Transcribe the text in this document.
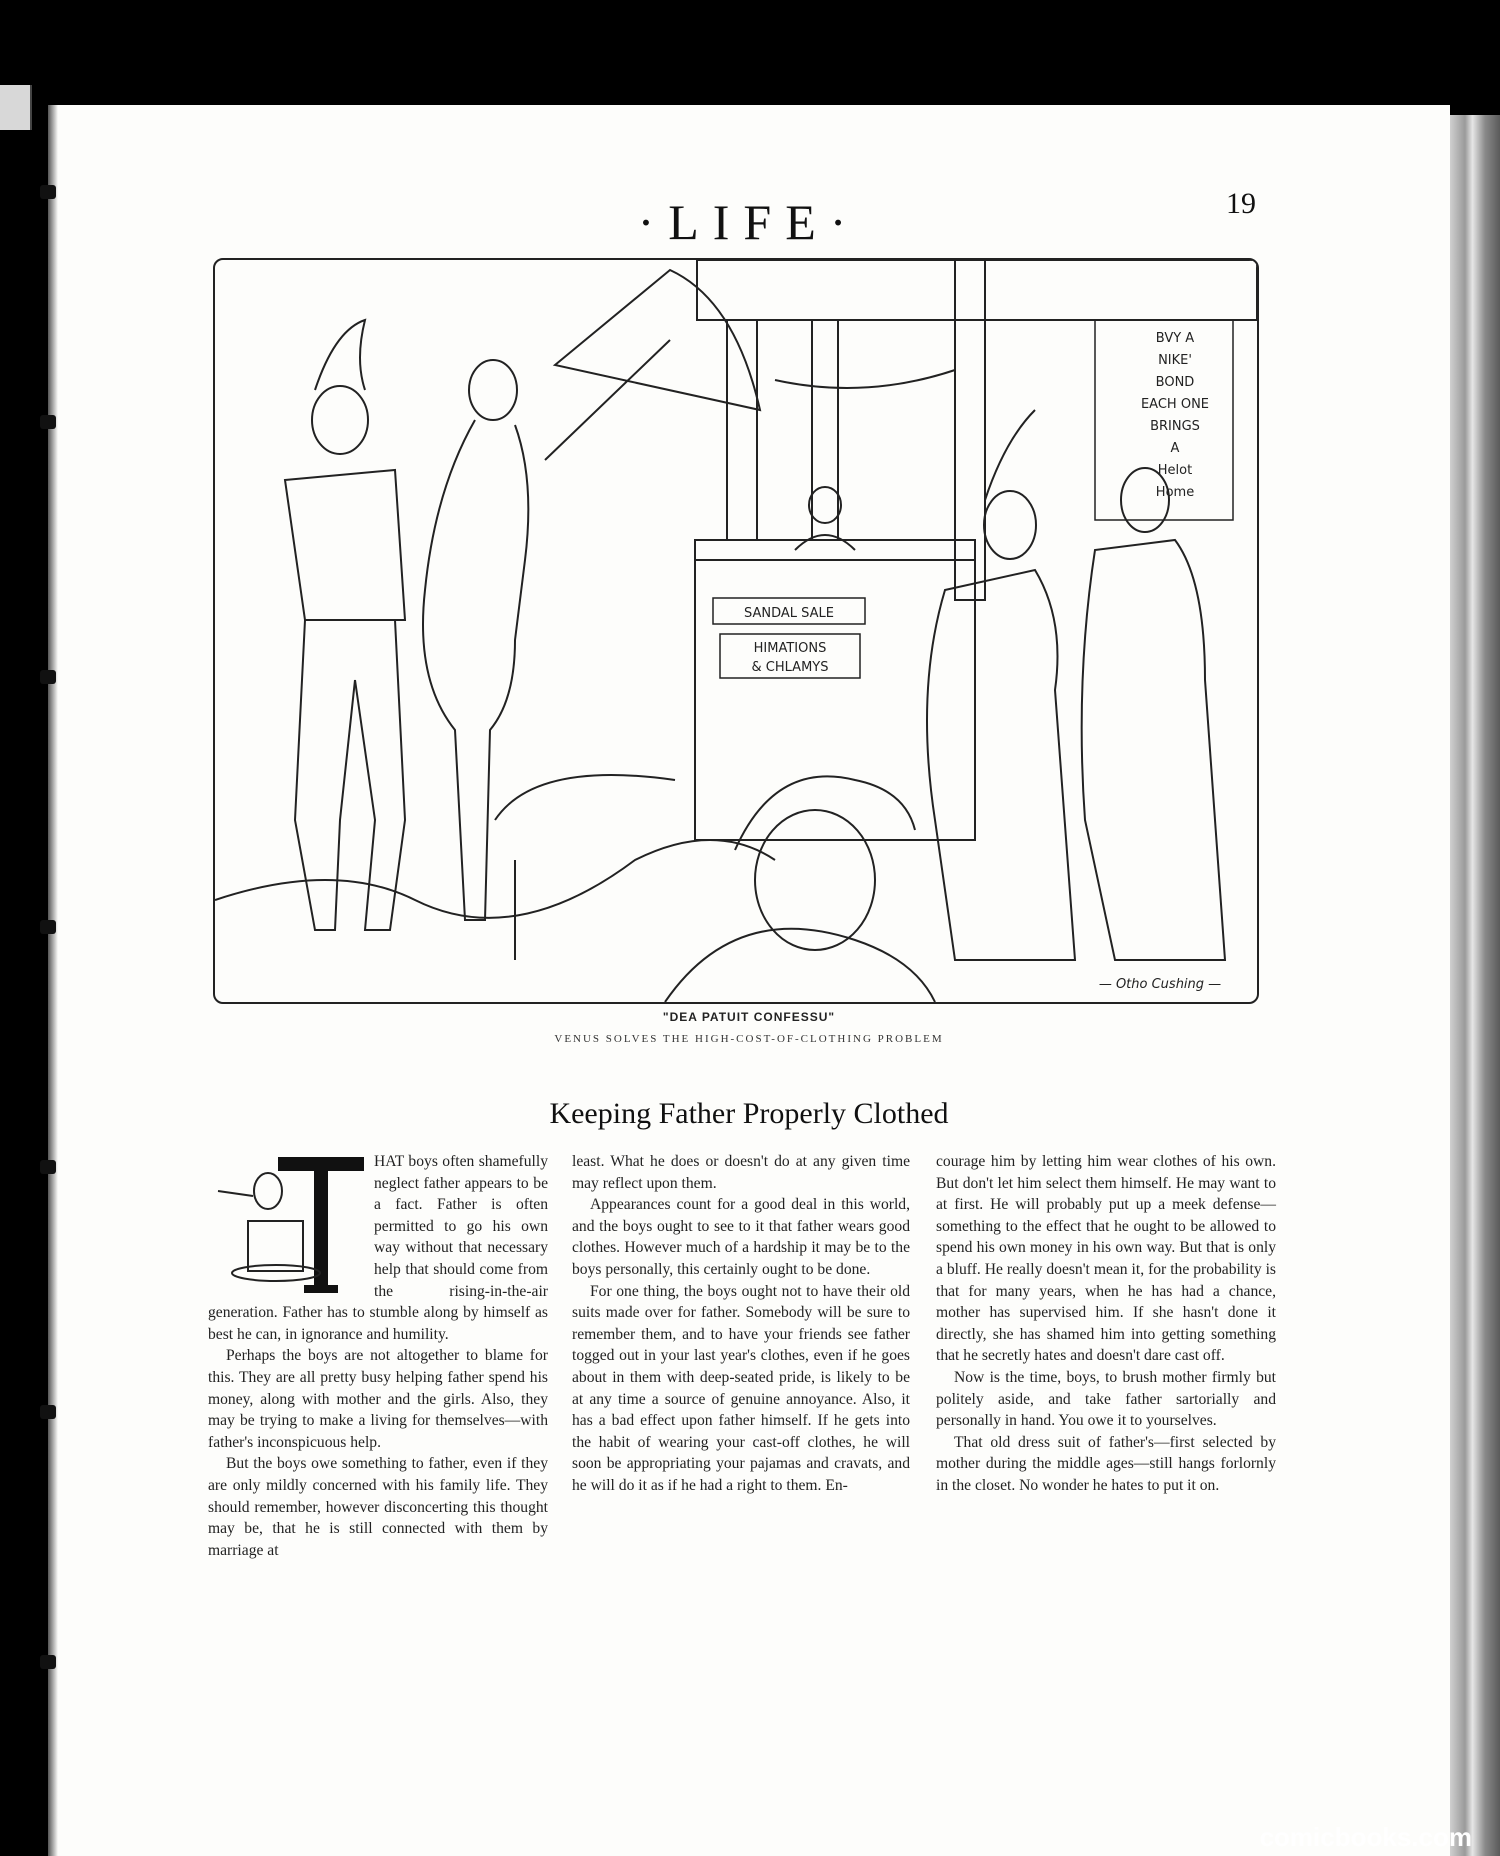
·LIFE·	19
SANDAL SALE
HIMATIONS
& CHLAMYS
BVY A
NIKE'
BOND
EACH ONE
BRINGS
A
Helot
Home
— Otho Cushing —
"DEA PATUIT CONFESSU"
VENUS SOLVES THE HIGH-COST-OF-CLOTHING PROBLEM
Keeping Father Properly Clothed

HAT boys often shamefully neglect father appears to be a fact. Father is often permitted to go his own way without that necessary help that should come from the rising-in-the-air generation. Father has to stumble along by himself as best he can, in ignorance and humility.

Perhaps the boys are not altogether to blame for this. They are all pretty busy helping father spend his money, along with mother and the girls. Also, they may be trying to make a living for themselves—with father's inconspicuous help.

But the boys owe something to father, even if they are only mildly concerned with his family life. They should remember, however disconcerting this thought may be, that he is still connected with them by marriage at

least. What he does or doesn't do at any given time may reflect upon them.

Appearances count for a good deal in this world, and the boys ought to see to it that father wears good clothes. However much of a hardship it may be to the boys personally, this certainly ought to be done.

For one thing, the boys ought not to have their old suits made over for father. Somebody will be sure to remember them, and to have your friends see father togged out in your last year's clothes, even if he goes about in them with deep-seated pride, is likely to be at any time a source of genuine annoyance. Also, it has a bad effect upon father himself. If he gets into the habit of wearing your cast-off clothes, he will soon be appropriating your pajamas and cravats, and he will do it as if he had a right to them. En-

courage him by letting him wear clothes of his own. But don't let him select them himself. He may want to at first. He will probably put up a meek defense—something to the effect that he ought to be allowed to spend his own money in his own way. But that is only a bluff. He really doesn't mean it, for the probability is that for many years, when he has had a chance, mother has supervised him. If she hasn't done it directly, she has shamed him into getting something that he secretly hates and doesn't dare cast off.

Now is the time, boys, to brush mother firmly but politely aside, and take father sartorially and personally in hand. You owe it to yourselves.

That old dress suit of father's—first selected by mother during the middle ages—still hangs forlornly in the closet. No wonder he hates to put it on.

comicbooks.com
